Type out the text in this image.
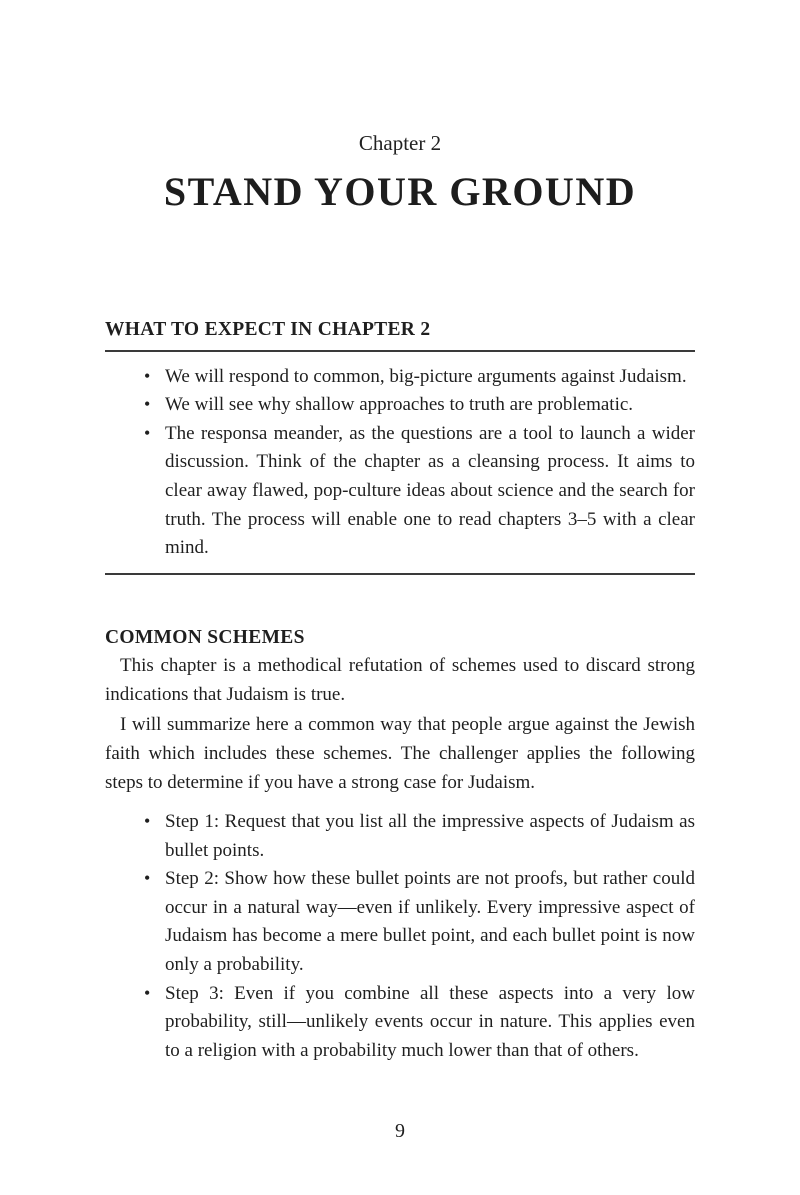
Chapter 2
STAND YOUR GROUND
WHAT TO EXPECT IN CHAPTER 2
• We will respond to common, big-picture arguments against Judaism.
• We will see why shallow approaches to truth are problematic.
• The responsa meander, as the questions are a tool to launch a wider discussion. Think of the chapter as a cleansing process. It aims to clear away flawed, pop-culture ideas about science and the search for truth. The process will enable one to read chapters 3–5 with a clear mind.
COMMON SCHEMES

This chapter is a methodical refutation of schemes used to discard strong indications that Judaism is true.

I will summarize here a common way that people argue against the Jewish faith which includes these schemes. The challenger applies the following steps to determine if you have a strong case for Judaism.

• Step 1: Request that you list all the impressive aspects of Judaism as bullet points.
• Step 2: Show how these bullet points are not proofs, but rather could occur in a natural way—even if unlikely. Every impressive aspect of Judaism has become a mere bullet point, and each bullet point is now only a probability.
• Step 3: Even if you combine all these aspects into a very low probability, still—unlikely events occur in nature. This applies even to a religion with a probability much lower than that of others.
9
